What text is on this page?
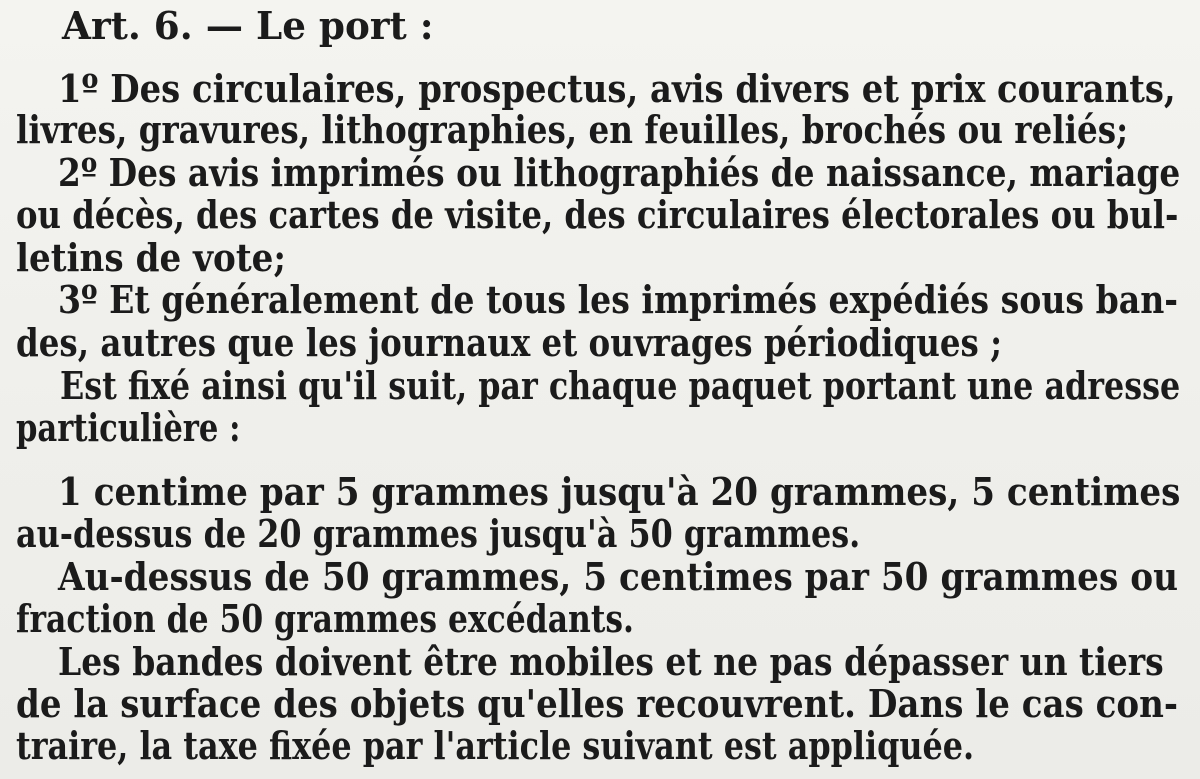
Art. 6. — Le port :
1º Des circulaires, prospectus, avis divers et prix courants,
livres, gravures, lithographies, en feuilles, brochés ou reliés;
2º Des avis imprimés ou lithographiés de naissance, mariage
ou décès, des cartes de visite, des circulaires électorales ou bul-
letins de vote;
3º Et généralement de tous les imprimés expédiés sous ban-
des, autres que les journaux et ouvrages périodiques ;
Est fixé ainsi qu'il suit, par chaque paquet portant une adresse
particulière :
1 centime par 5 grammes jusqu'à 20 grammes, 5 centimes
au-dessus de 20 grammes jusqu'à 50 grammes.
Au-dessus de 50 grammes, 5 centimes par 50 grammes ou
fraction de 50 grammes excédants.
Les bandes doivent être mobiles et ne pas dépasser un tiers
de la surface des objets qu'elles recouvrent. Dans le cas con-
traire, la taxe fixée par l'article suivant est appliquée.
